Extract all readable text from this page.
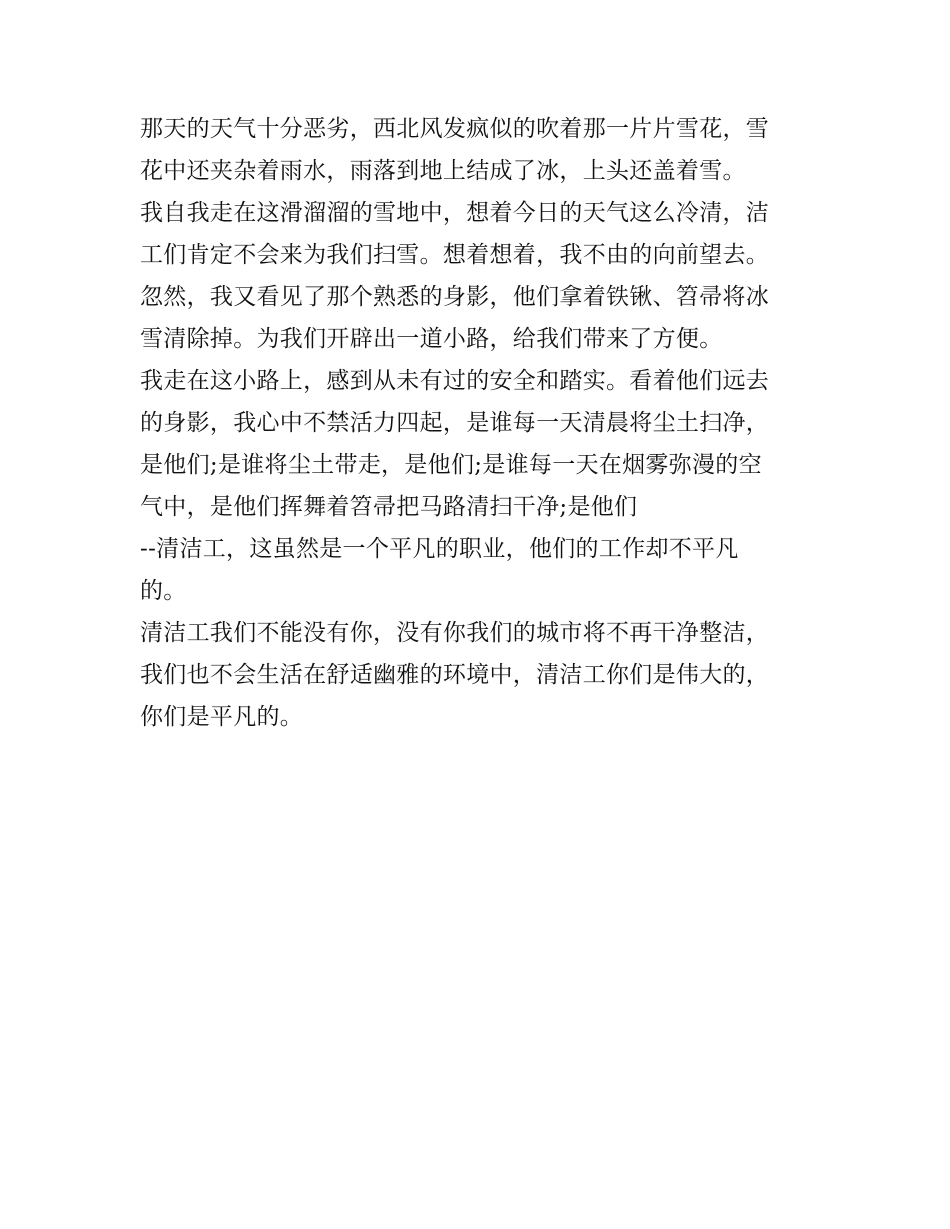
那天的天气十分恶劣，西北风发疯似的吹着那一片片雪花，雪
花中还夹杂着雨水，雨落到地上结成了冰，上头还盖着雪。
我自我走在这滑溜溜的雪地中，想着今日的天气这么冷清，洁
工们肯定不会来为我们扫雪。想着想着，我不由的向前望去。
忽然，我又看见了那个熟悉的身影，他们拿着铁锹、笤帚将冰
雪清除掉。为我们开辟出一道小路，给我们带来了方便。
我走在这小路上，感到从未有过的安全和踏实。看着他们远去
的身影，我心中不禁活力四起，是谁每一天清晨将尘土扫净，
是他们;是谁将尘土带走，是他们;是谁每一天在烟雾弥漫的空
气中，是他们挥舞着笤帚把马路清扫干净;是他们
--清洁工，这虽然是一个平凡的职业，他们的工作却不平凡
的。
清洁工我们不能没有你，没有你我们的城市将不再干净整洁，
我们也不会生活在舒适幽雅的环境中，清洁工你们是伟大的，
你们是平凡的。
